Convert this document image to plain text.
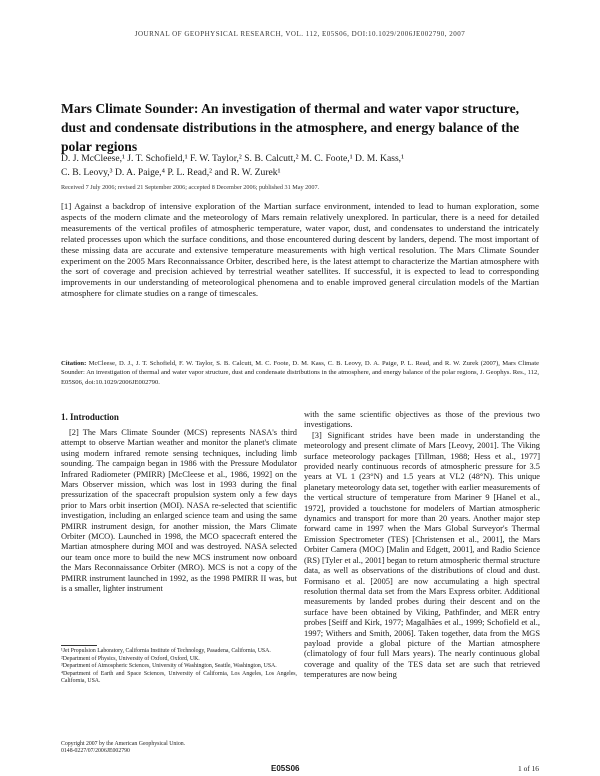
JOURNAL OF GEOPHYSICAL RESEARCH, VOL. 112, E05S06, DOI:10.1029/2006JE002790, 2007
Mars Climate Sounder: An investigation of thermal and water vapor structure, dust and condensate distributions in the atmosphere, and energy balance of the polar regions
D. J. McCleese,¹ J. T. Schofield,¹ F. W. Taylor,² S. B. Calcutt,² M. C. Foote,¹ D. M. Kass,¹
C. B. Leovy,³ D. A. Paige,⁴ P. L. Read,² and R. W. Zurek¹
Received 7 July 2006; revised 21 September 2006; accepted 8 December 2006; published 31 May 2007.
[1] Against a backdrop of intensive exploration of the Martian surface environment, intended to lead to human exploration, some aspects of the modern climate and the meteorology of Mars remain relatively unexplored. In particular, there is a need for detailed measurements of the vertical profiles of atmospheric temperature, water vapor, dust, and condensates to understand the intricately related processes upon which the surface conditions, and those encountered during descent by landers, depend. The most important of these missing data are accurate and extensive temperature measurements with high vertical resolution. The Mars Climate Sounder experiment on the 2005 Mars Reconnaissance Orbiter, described here, is the latest attempt to characterize the Martian atmosphere with the sort of coverage and precision achieved by terrestrial weather satellites. If successful, it is expected to lead to corresponding improvements in our understanding of meteorological phenomena and to enable improved general circulation models of the Martian atmosphere for climate studies on a range of timescales.
Citation: McCleese, D. J., J. T. Schofield, F. W. Taylor, S. B. Calcutt, M. C. Foote, D. M. Kass, C. B. Leovy, D. A. Paige, P. L. Read, and R. W. Zurek (2007), Mars Climate Sounder: An investigation of thermal and water vapor structure, dust and condensate distributions in the atmosphere, and energy balance of the polar regions, J. Geophys. Res., 112, E05S06, doi:10.1029/2006JE002790.
1. Introduction

[2] The Mars Climate Sounder (MCS) represents NASA's third attempt to observe Martian weather and monitor the planet's climate using modern infrared remote sensing techniques, including limb sounding. The campaign began in 1986 with the Pressure Modulator Infrared Radiometer (PMIRR) [McCleese et al., 1986, 1992] on the Mars Observer mission, which was lost in 1993 during the final pressurization of the spacecraft propulsion system only a few days prior to Mars orbit insertion (MOI). NASA re-selected that scientific investigation, including an enlarged science team and using the same PMIRR instrument design, for another mission, the Mars Climate Orbiter (MCO). Launched in 1998, the MCO spacecraft entered the Martian atmosphere during MOI and was destroyed. NASA selected our team once more to build the new MCS instrument now onboard the Mars Reconnaissance Orbiter (MRO). MCS is not a copy of the PMIRR instrument launched in 1992, as the 1998 PMIRR II was, but is a smaller, lighter instrument

with the same scientific objectives as those of the previous two investigations.

[3] Significant strides have been made in understanding the meteorology and present climate of Mars [Leovy, 2001]. The Viking surface meteorology packages [Tillman, 1988; Hess et al., 1977] provided nearly continuous records of atmospheric pressure for 3.5 years at VL 1 (23°N) and 1.5 years at VL2 (48°N). This unique planetary meteorology data set, together with earlier measurements of the vertical structure of temperature from Mariner 9 [Hanel et al., 1972], provided a touchstone for modelers of Martian atmospheric dynamics and transport for more than 20 years. Another major step forward came in 1997 when the Mars Global Surveyor's Thermal Emission Spectrometer (TES) [Christensen et al., 2001], the Mars Orbiter Camera (MOC) [Malin and Edgett, 2001], and Radio Science (RS) [Tyler et al., 2001] began to return atmospheric thermal structure data, as well as observations of the distributions of cloud and dust. Formisano et al. [2005] are now accumulating a high spectral resolution thermal data set from the Mars Express orbiter. Additional measurements by landed probes during their descent and on the surface have been obtained by Viking, Pathfinder, and MER entry probes [Seiff and Kirk, 1977; Magalhães et al., 1999; Schofield et al., 1997; Withers and Smith, 2006]. Taken together, data from the MGS payload provide a global picture of the Martian atmosphere (climatology of four full Mars years). The nearly continuous global coverage and quality of the TES data set are such that retrieved temperatures are now being

¹Jet Propulsion Laboratory, California Institute of Technology, Pasadena, California, USA.
²Department of Physics, University of Oxford, Oxford, UK.
³Department of Atmospheric Sciences, University of Washington, Seattle, Washington, USA.
⁴Department of Earth and Space Sciences, University of California, Los Angeles, Los Angeles, California, USA.
Copyright 2007 by the American Geophysical Union.
0148-0227/07/2006JE002790
E05S06	1 of 16
